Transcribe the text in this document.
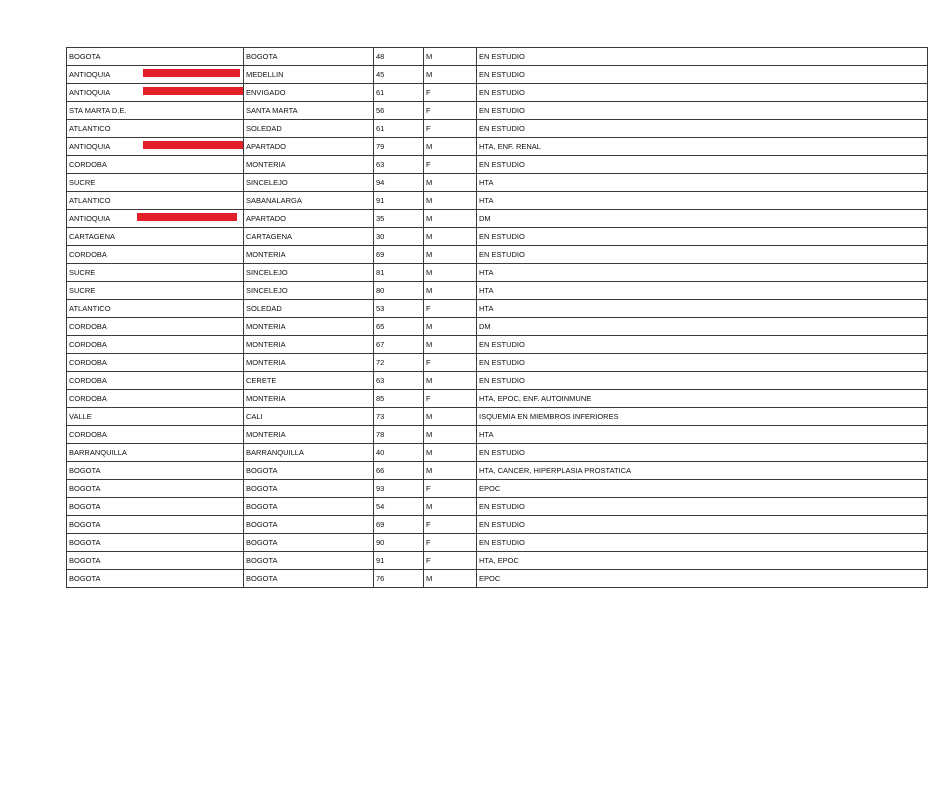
BOGOTA	BOGOTA	48	M	EN ESTUDIO
ANTIOQUIA	MEDELLIN	45	M	EN ESTUDIO
ANTIOQUIA	ENVIGADO	61	F	EN ESTUDIO
STA MARTA D.E.	SANTA MARTA	56	F	EN ESTUDIO
ATLANTICO	SOLEDAD	61	F	EN ESTUDIO
ANTIOQUIA	APARTADO	79	M	HTA, ENF. RENAL
CORDOBA	MONTERIA	63	F	EN ESTUDIO
SUCRE	SINCELEJO	94	M	HTA
ATLANTICO	SABANALARGA	91	M	HTA
ANTIOQUIA	APARTADO	35	M	DM
CARTAGENA	CARTAGENA	30	M	EN ESTUDIO
CORDOBA	MONTERIA	69	M	EN ESTUDIO
SUCRE	SINCELEJO	81	M	HTA
SUCRE	SINCELEJO	80	M	HTA
ATLANTICO	SOLEDAD	53	F	HTA
CORDOBA	MONTERIA	65	M	DM
CORDOBA	MONTERIA	67	M	EN ESTUDIO
CORDOBA	MONTERIA	72	F	EN ESTUDIO
CORDOBA	CERETE	63	M	EN ESTUDIO
CORDOBA	MONTERIA	85	F	HTA, EPOC, ENF. AUTOINMUNE
VALLE	CALI	73	M	ISQUEMIA EN MIEMBROS INFERIORES
CORDOBA	MONTERIA	78	M	HTA
BARRANQUILLA	BARRANQUILLA	40	M	EN ESTUDIO
BOGOTA	BOGOTA	66	M	HTA, CANCER, HIPERPLASIA PROSTATICA
BOGOTA	BOGOTA	93	F	EPOC
BOGOTA	BOGOTA	54	M	EN ESTUDIO
BOGOTA	BOGOTA	69	F	EN ESTUDIO
BOGOTA	BOGOTA	90	F	EN ESTUDIO
BOGOTA	BOGOTA	91	F	HTA, EPOC
BOGOTA	BOGOTA	76	M	EPOC
